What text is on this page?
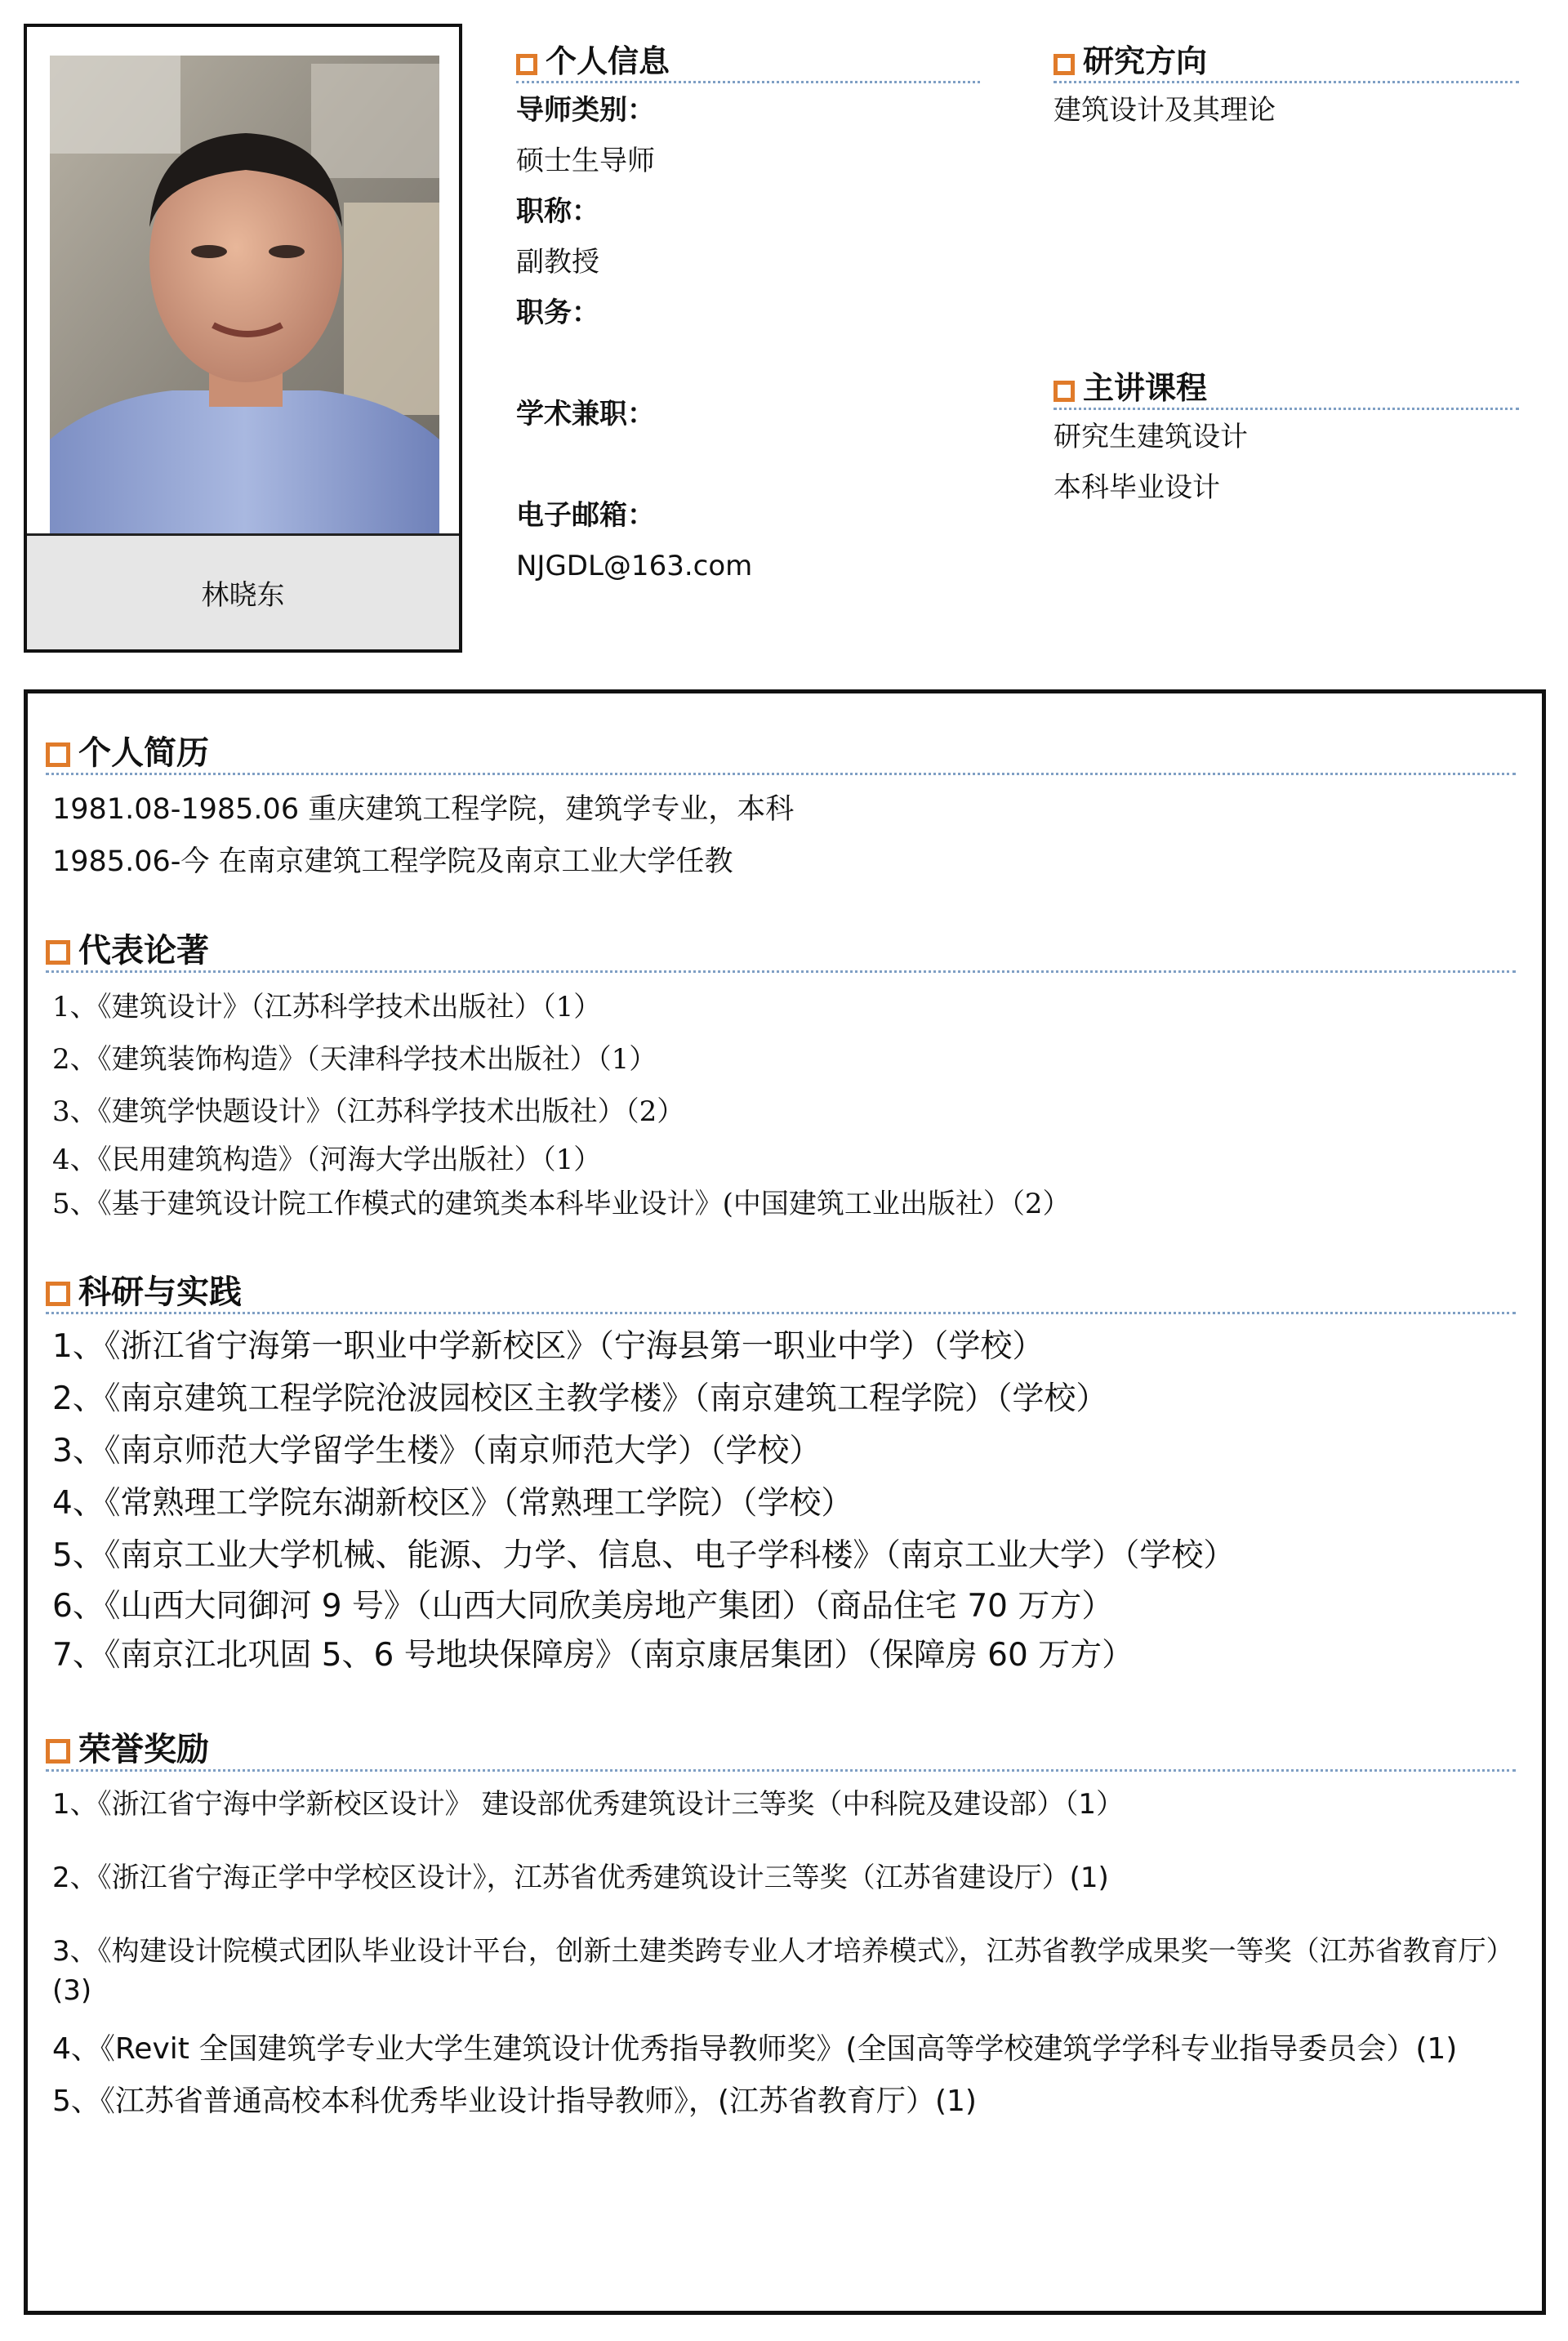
林晓东
个人信息
导师类别：
硕士生导师
职称：
副教授
职务：
学术兼职：
电子邮箱：
NJGDL@163.com
研究方向
建筑设计及其理论
主讲课程
研究生建筑设计
本科毕业设计
个人简历
1981.08-1985.06 重庆建筑工程学院，建筑学专业，本科
1985.06-今 在南京建筑工程学院及南京工业大学任教
代表论著
1、《建筑设计》（江苏科学技术出版社）（1）
2、《建筑装饰构造》（天津科学技术出版社）（1）
3、《建筑学快题设计》（江苏科学技术出版社）（2）
4、《民用建筑构造》（河海大学出版社）（1）
5、《基于建筑设计院工作模式的建筑类本科毕业设计》(中国建筑工业出版社）（2）
科研与实践
1、《浙江省宁海第一职业中学新校区》（宁海县第一职业中学）（学校）
2、《南京建筑工程学院沧波园校区主教学楼》（南京建筑工程学院）（学校）
3、《南京师范大学留学生楼》（南京师范大学）（学校）
4、《常熟理工学院东湖新校区》（常熟理工学院）（学校）
5、《南京工业大学机械、能源、力学、信息、电子学科楼》（南京工业大学）（学校）
6、《山西大同御河 9 号》（山西大同欣美房地产集团）（商品住宅 70 万方）
7、《南京江北巩固 5、6 号地块保障房》（南京康居集团）（保障房 60 万方）
荣誉奖励
1、《浙江省宁海中学新校区设计》 建设部优秀建筑设计三等奖（中科院及建设部）（1）
2、《浙江省宁海正学中学校区设计》，江苏省优秀建筑设计三等奖（江苏省建设厅）(1)
3、《构建设计院模式团队毕业设计平台，创新土建类跨专业人才培养模式》，江苏省教学成果奖一等奖（江苏省教育厅）(3)
4、《Revit 全国建筑学专业大学生建筑设计优秀指导教师奖》(全国高等学校建筑学学科专业指导委员会）(1)
5、《江苏省普通高校本科优秀毕业设计指导教师》，(江苏省教育厅）(1)
